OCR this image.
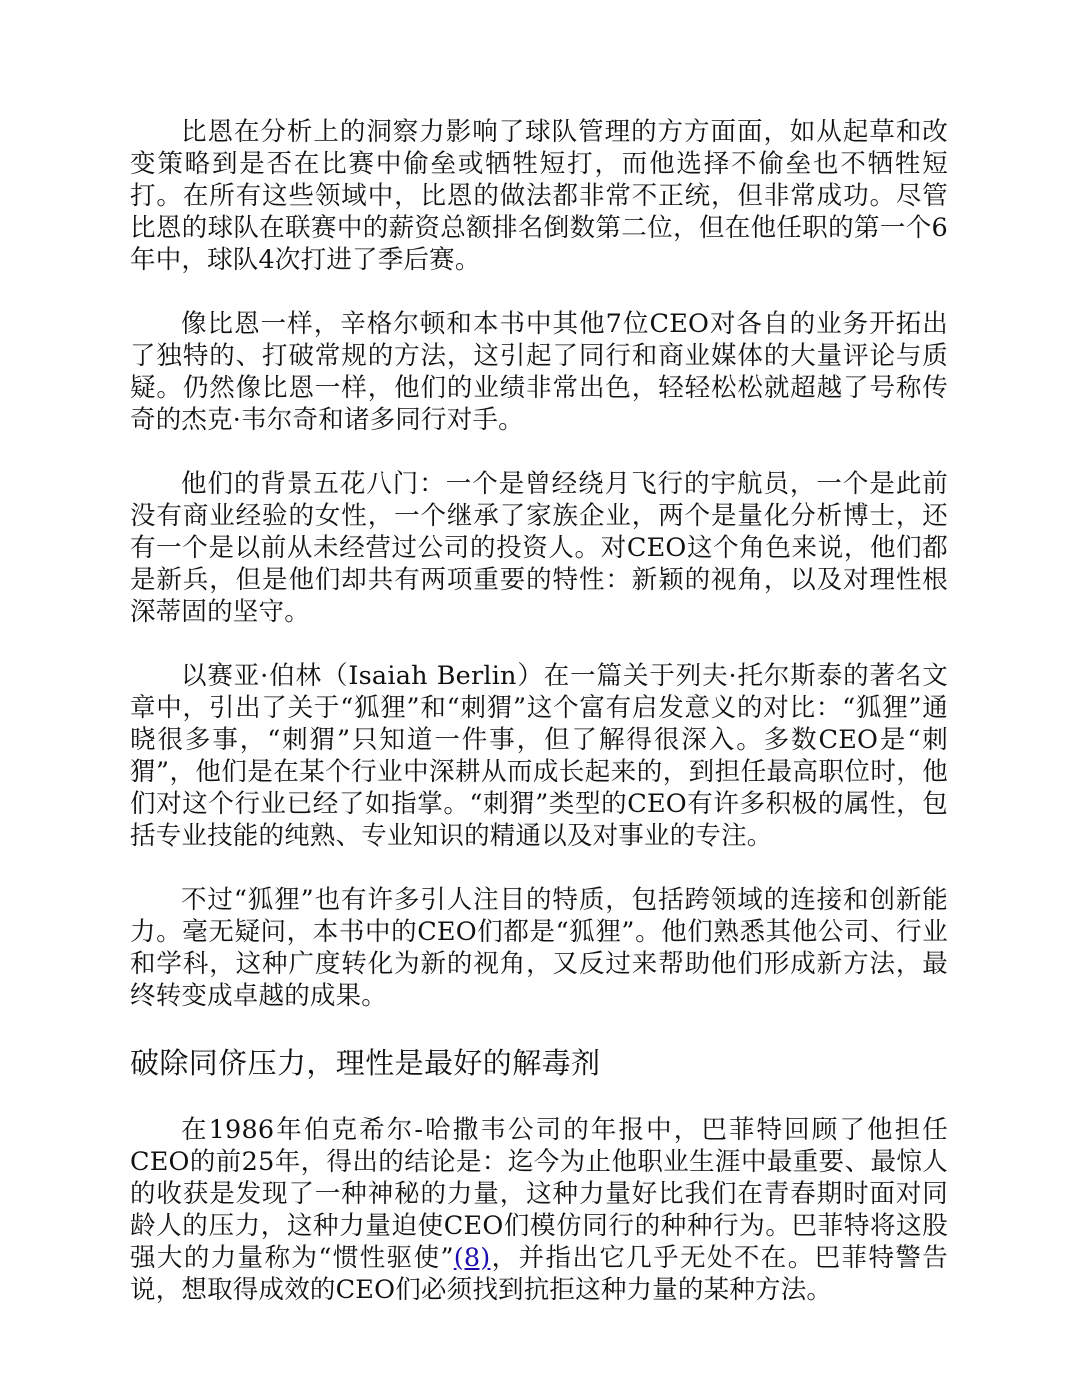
比恩在分析上的洞察力影响了球队管理的方方面面，如从起草和改变策略到是否在比赛中偷垒或牺牲短打，而他选择不偷垒也不牺牲短打。在所有这些领域中，比恩的做法都非常不正统，但非常成功。尽管比恩的球队在联赛中的薪资总额排名倒数第二位，但在他任职的第一个6年中，球队4次打进了季后赛。

像比恩一样，辛格尔顿和本书中其他7位CEO对各自的业务开拓出了独特的、打破常规的方法，这引起了同行和商业媒体的大量评论与质疑。仍然像比恩一样，他们的业绩非常出色，轻轻松松就超越了号称传奇的杰克·韦尔奇和诸多同行对手。

他们的背景五花八门：一个是曾经绕月飞行的宇航员，一个是此前没有商业经验的女性，一个继承了家族企业，两个是量化分析博士，还有一个是以前从未经营过公司的投资人。对CEO这个角色来说，他们都是新兵，但是他们却共有两项重要的特性：新颖的视角，以及对理性根深蒂固的坚守。

以赛亚·伯林（Isaiah Berlin）在一篇关于列夫·托尔斯泰的著名文章中，引出了关于“狐狸”和“刺猬”这个富有启发意义的对比：“狐狸”通晓很多事，“刺猬”只知道一件事，但了解得很深入。多数CEO是“刺猬”，他们是在某个行业中深耕从而成长起来的，到担任最高职位时，他们对这个行业已经了如指掌。“刺猬”类型的CEO有许多积极的属性，包括专业技能的纯熟、专业知识的精通以及对事业的专注。

不过“狐狸”也有许多引人注目的特质，包括跨领域的连接和创新能力。毫无疑问，本书中的CEO们都是“狐狸”。他们熟悉其他公司、行业和学科，这种广度转化为新的视角，又反过来帮助他们形成新方法，最终转变成卓越的成果。

破除同侪压力，理性是最好的解毒剂

在1986年伯克希尔-哈撒韦公司的年报中，巴菲特回顾了他担任CEO的前25年，得出的结论是：迄今为止他职业生涯中最重要、最惊人的收获是发现了一种神秘的力量，这种力量好比我们在青春期时面对同龄人的压力，这种力量迫使CEO们模仿同行的种种行为。巴菲特将这股强大的力量称为“惯性驱使”(8)，并指出它几乎无处不在。巴菲特警告说，想取得成效的CEO们必须找到抗拒这种力量的某种方法。
